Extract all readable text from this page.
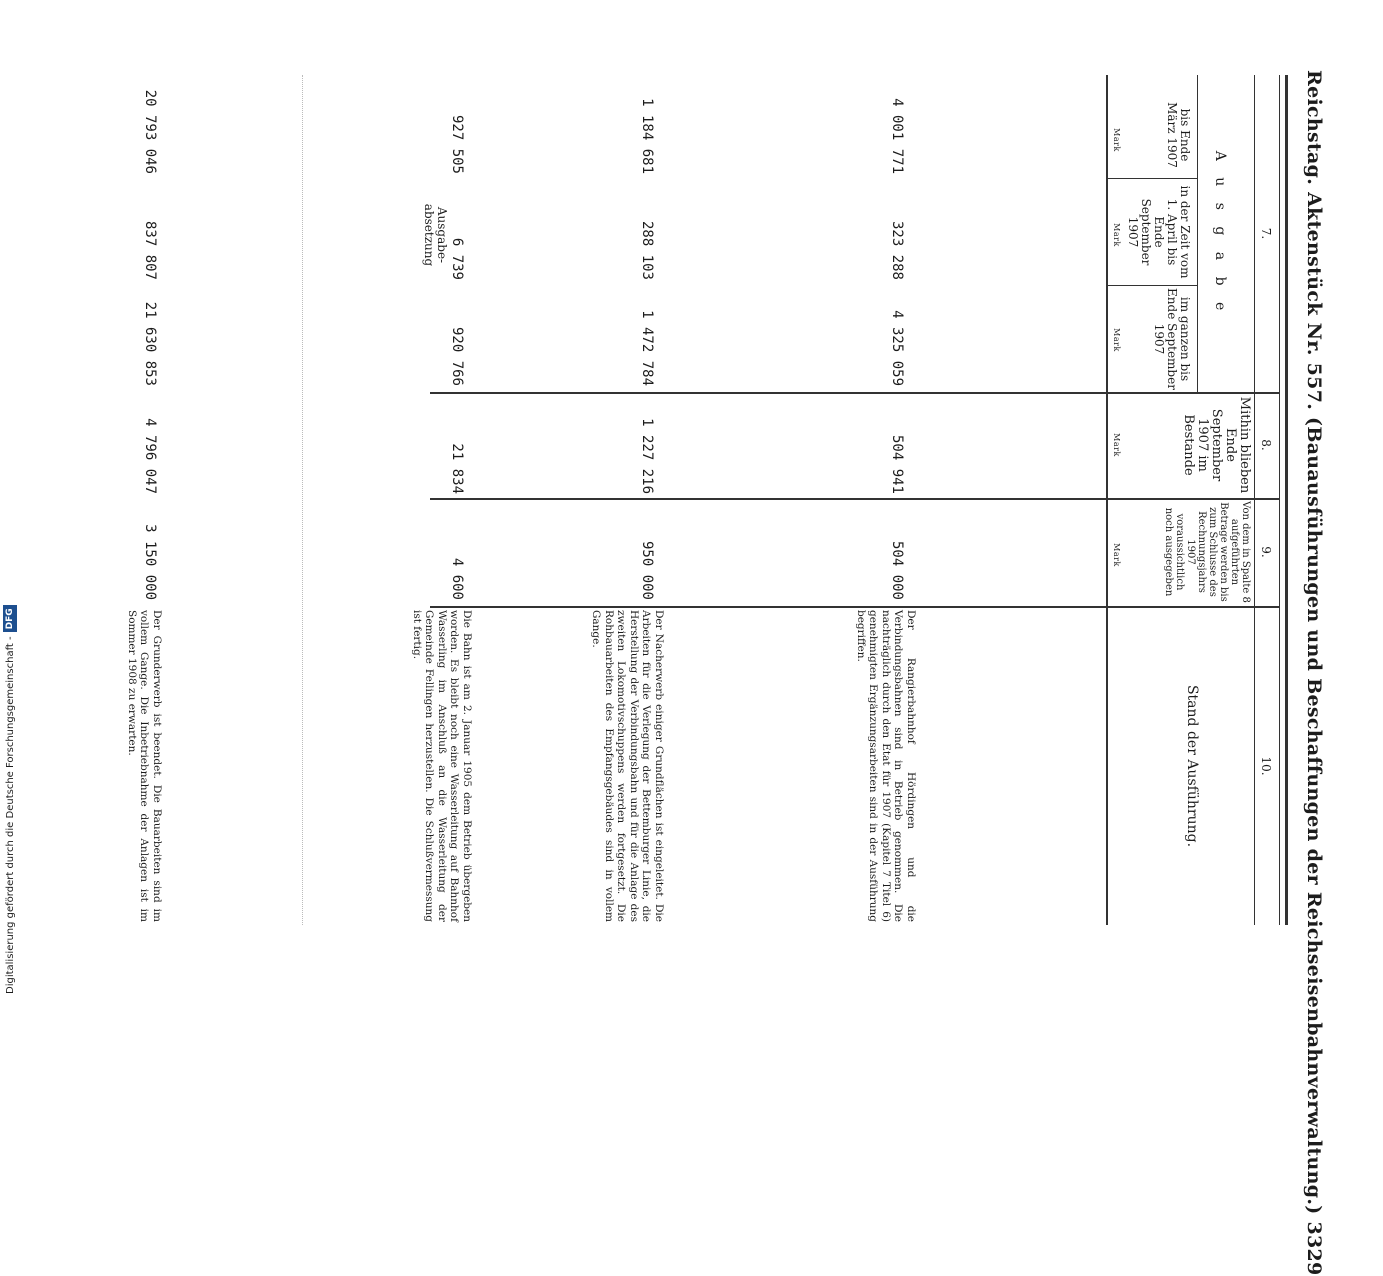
Digitalisierung gefördert durch die Deutsche Forschungsgemeinschaft -DFG	Reichstag. Aktenstück Nr. 557. (Bauausführungen und Beschaffungen der Reichseisenbahnverwaltung.) 3329
7.
8.
9.
10.
A u s g a b e
bis Ende März 1907
in der Zeit vom 1. April bis Ende September 1907
im ganzen bis Ende September 1907
Mithin blieben Ende September 1907 im Bestande
Von dem in Spalte 8 aufgeführten Betrage werden bis zum Schlusse des Rechnungsjahrs 1907 voraussichtlich noch ausgegeben
Stand der Ausführung.
Mark
Mark
Mark
Mark
Mark
4 001 771
323 288
4 325 059
504 941
504 000
Der Rangierbahnhof Hördingen und die Verbindungsbahnen sind in Betrieb genommen. Die nachträglich durch den Etat für 1907 (Kapitel 7 Titel 6) genehmigten Ergänzungsarbeiten sind in der Ausführung begriffen.
1 184 681
288 103
1 472 784
1 227 216
950 000
Der Nacherwerb einiger Grundflächen ist eingeleitet. Die Arbeiten für die Verlegung der Bettemburger Linie, die Herstellung der Verbindungsbahn und für die Anlage des zweiten Lokomotivschuppens werden fortgesetzt. Die Rohbauarbeiten des Empfangsgebäudes sind in vollem Gange.
927 505
6 739
Ausgabe-absetzung
920 766
21 834
4 600
Die Bahn ist am 2. Januar 1905 dem Betrieb übergeben worden. Es bleibt noch eine Wasserleitung auf Bahnhof Wasserling im Anschluß an die Wasserleitung der Gemeinde Fellingen herzustellen. Die Schlußvermessung ist fertig.
20 793 046
837 807
21 630 853
4 796 047
3 150 000
Der Grunderwerb ist beendet. Die Bauarbeiten sind im vollem Gange. Die Inbetriebnahme der Anlagen ist im Sommer 1908 zu erwarten.
